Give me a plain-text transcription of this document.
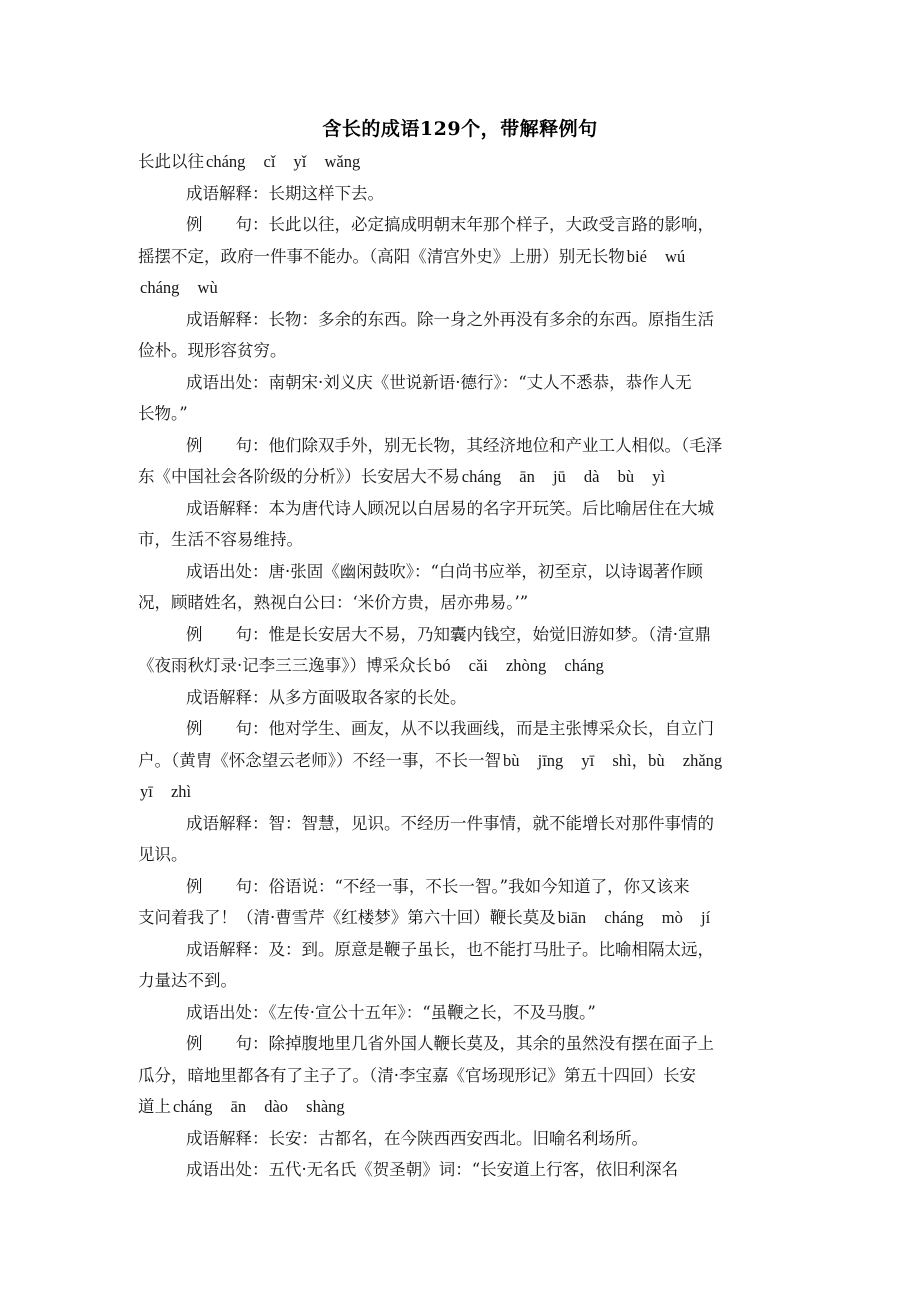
含长的成语129个，带解释例句
长此以往 cháng cǐ yǐ wǎng
成语解释：长期这样下去。
例　　句：长此以往，必定搞成明朝末年那个样子，大政受言路的影响，
摇摆不定，政府一件事不能办。（高阳《清宫外史》上册）别无长物 bié wú
cháng wù
成语解释：长物：多余的东西。除一身之外再没有多余的东西。原指生活
俭朴。现形容贫穷。
成语出处：南朝宋·刘义庆《世说新语·德行》：“丈人不悉恭，恭作人无
长物。”
例　　句：他们除双手外，别无长物，其经济地位和产业工人相似。（毛泽
东《中国社会各阶级的分析》）长安居大不易 cháng ān jū dà bù yì
成语解释：本为唐代诗人顾况以白居易的名字开玩笑。后比喻居住在大城
市，生活不容易维持。
成语出处：唐·张固《幽闲鼓吹》：“白尚书应举，初至京，以诗谒著作顾
况，顾睹姓名，熟视白公曰：‘米价方贵，居亦弗易。’”
例　　句：惟是长安居大不易，乃知囊内钱空，始觉旧游如梦。（清·宣鼎
《夜雨秋灯录·记李三三逸事》）博采众长 bó cǎi zhòng cháng
成语解释：从多方面吸取各家的长处。
例　　句：他对学生、画友，从不以我画线，而是主张博采众长，自立门
户。（黄胄《怀念望云老师》）不经一事，不长一智 bù jīng yī shì，bù zhǎng
yī zhì
成语解释：智：智慧，见识。不经历一件事情，就不能增长对那件事情的
见识。
例　　句：俗语说：“不经一事，不长一智。”我如今知道了，你又该来
支问着我了！（清·曹雪芹《红楼梦》第六十回）鞭长莫及 biān cháng mò jí
成语解释：及：到。原意是鞭子虽长，也不能打马肚子。比喻相隔太远，
力量达不到。
成语出处：《左传·宣公十五年》：“虽鞭之长，不及马腹。”
例　　句：除掉腹地里几省外国人鞭长莫及，其余的虽然没有摆在面子上
瓜分，暗地里都各有了主子了。（清·李宝嘉《官场现形记》第五十四回）长安
道上 cháng ān dào shàng
成语解释：长安：古都名，在今陕西西安西北。旧喻名利场所。
成语出处：五代·无名氏《贺圣朝》词：“长安道上行客，依旧利深名
